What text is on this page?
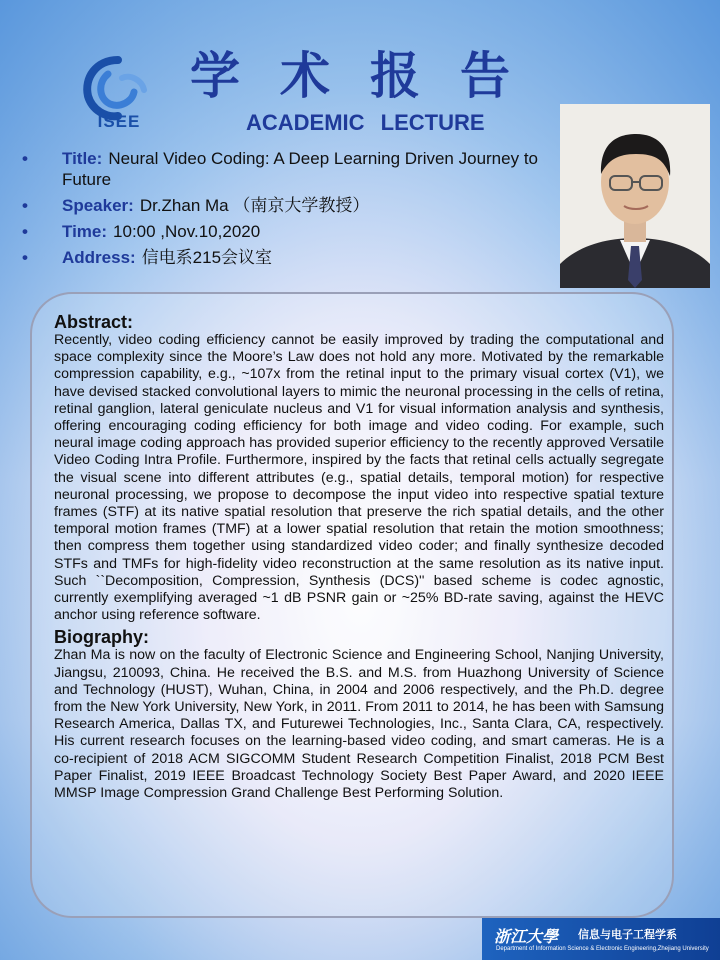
ISEE
学术报告
ACADEMIC LECTURE
•	Title: Neural Video Coding: A Deep Learning Driven Journey to Future
•	Speaker: Dr.Zhan Ma （南京大学教授）
•	Time: 10:00 ,Nov.10,2020
•	Address: 信电系215会议室
Abstract:

Recently, video coding efficiency cannot be easily improved by trading the computational and space complexity since the Moore’s Law does not hold any more. Motivated by the remarkable compression capability, e.g., ~107x from the retinal input to the primary visual cortex (V1), we have devised stacked convolutional layers to mimic the neuronal processing in the cells of retina, retinal ganglion, lateral geniculate nucleus and V1 for visual information analysis and synthesis, offering encouraging coding efficiency for both image and video coding. For example, such neural image coding approach has provided superior efficiency to the recently approved Versatile Video Coding Intra Profile. Furthermore, inspired by the facts that retinal cells actually segregate the visual scene into different attributes (e.g., spatial details, temporal motion) for respective neuronal processing, we propose to decompose the input video into respective spatial texture frames (STF) at its native spatial resolution that preserve the rich spatial details, and the other temporal motion frames (TMF) at a lower spatial resolution that retain the motion smoothness; then compress them together using standardized video coder; and finally synthesize decoded STFs and TMFs for high-fidelity video reconstruction at the same resolution as its native input. Such ``Decomposition, Compression, Synthesis (DCS)'' based scheme is codec agnostic, currently exemplifying averaged ~1 dB PSNR gain or ~25% BD-rate saving, against the HEVC anchor using reference software.

Biography:

Zhan Ma is now on the faculty of Electronic Science and Engineering School, Nanjing University, Jiangsu, 210093, China. He received the B.S. and M.S. from Huazhong University of Science and Technology (HUST), Wuhan, China, in 2004 and 2006 respectively, and the Ph.D. degree from the New York University, New York, in 2011. From 2011 to 2014, he has been with Samsung Research America, Dallas TX, and Futurewei Technologies, Inc., Santa Clara, CA, respectively. His current research focuses on the learning-based video coding, and smart cameras. He is a co-recipient of 2018 ACM SIGCOMM Student Research Competition Finalist, 2018 PCM Best Paper Finalist, 2019 IEEE Broadcast Technology Society Best Paper Award, and 2020 IEEE MMSP Image Compression Grand Challenge Best Performing Solution.

浙江大學 信息与电子工程学系
Department of Information Science & Electronic Engineering,Zhejiang University
